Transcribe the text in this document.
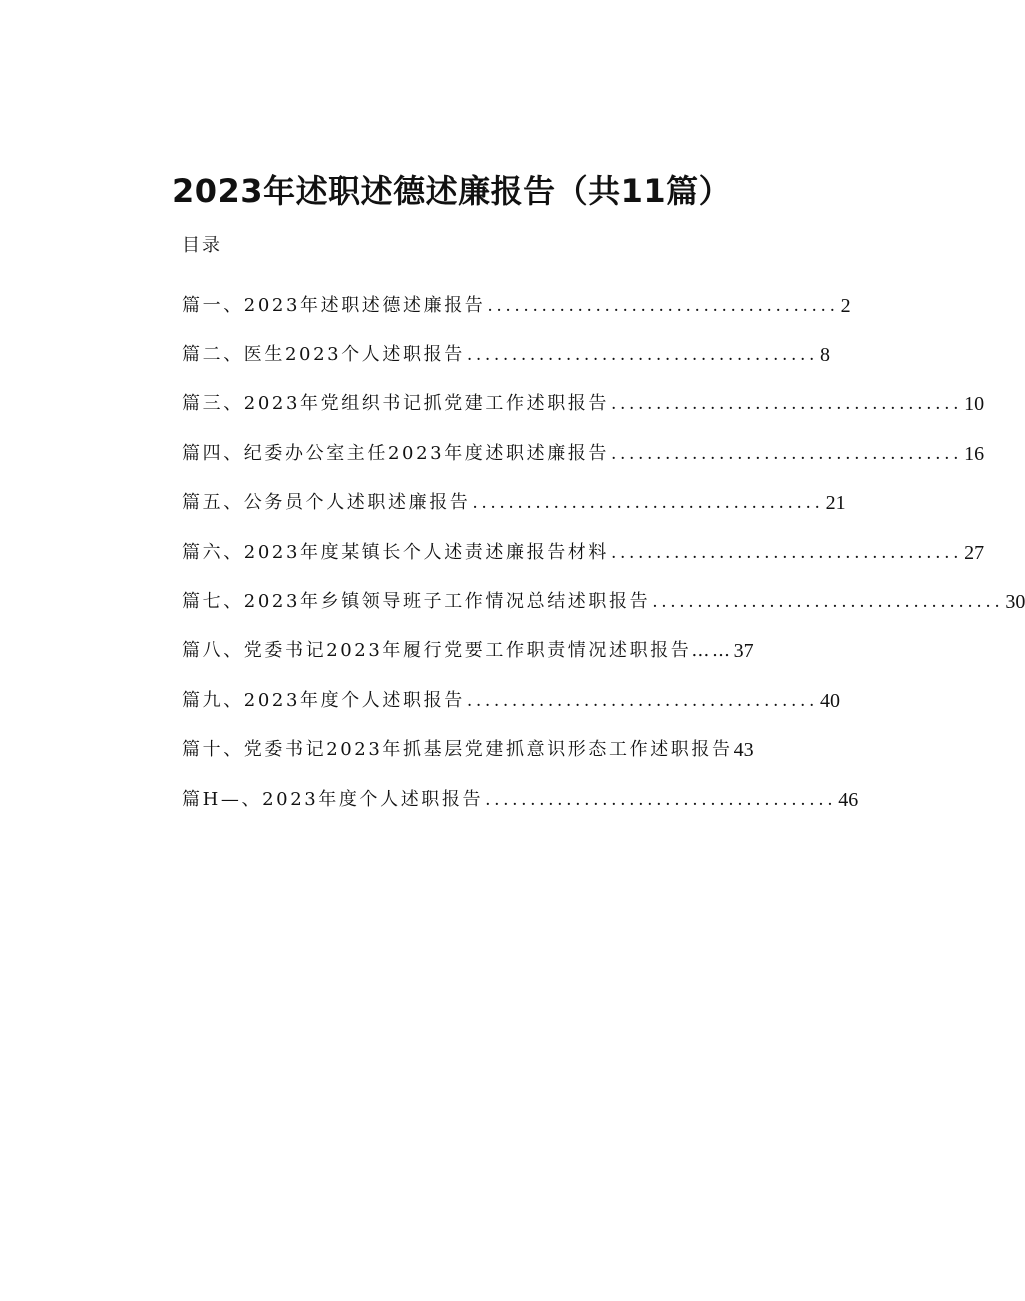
2023年述职述德述廉报告（共11篇）
目录
篇一、2023年述职述德述廉报告 ....................................... 2
篇二、医生2023个人述职报告 ....................................... 8
篇三、2023年党组织书记抓党建工作述职报告 ....................................... 10
篇四、纪委办公室主任2023年度述职述廉报告 ....................................... 16
篇五、公务员个人述职述廉报告 ....................................... 21
篇六、2023年度某镇长个人述责述廉报告材料 ....................................... 27
篇七、2023年乡镇领导班子工作情况总结述职报告 ....................................... 30
篇八、党委书记2023年履行党要工作职责情况述职报告…… 37
篇九、2023年度个人述职报告 ....................................... 40
篇十、党委书记2023年抓基层党建抓意识形态工作述职报告 43
篇H—、2023年度个人述职报告 ....................................... 46
